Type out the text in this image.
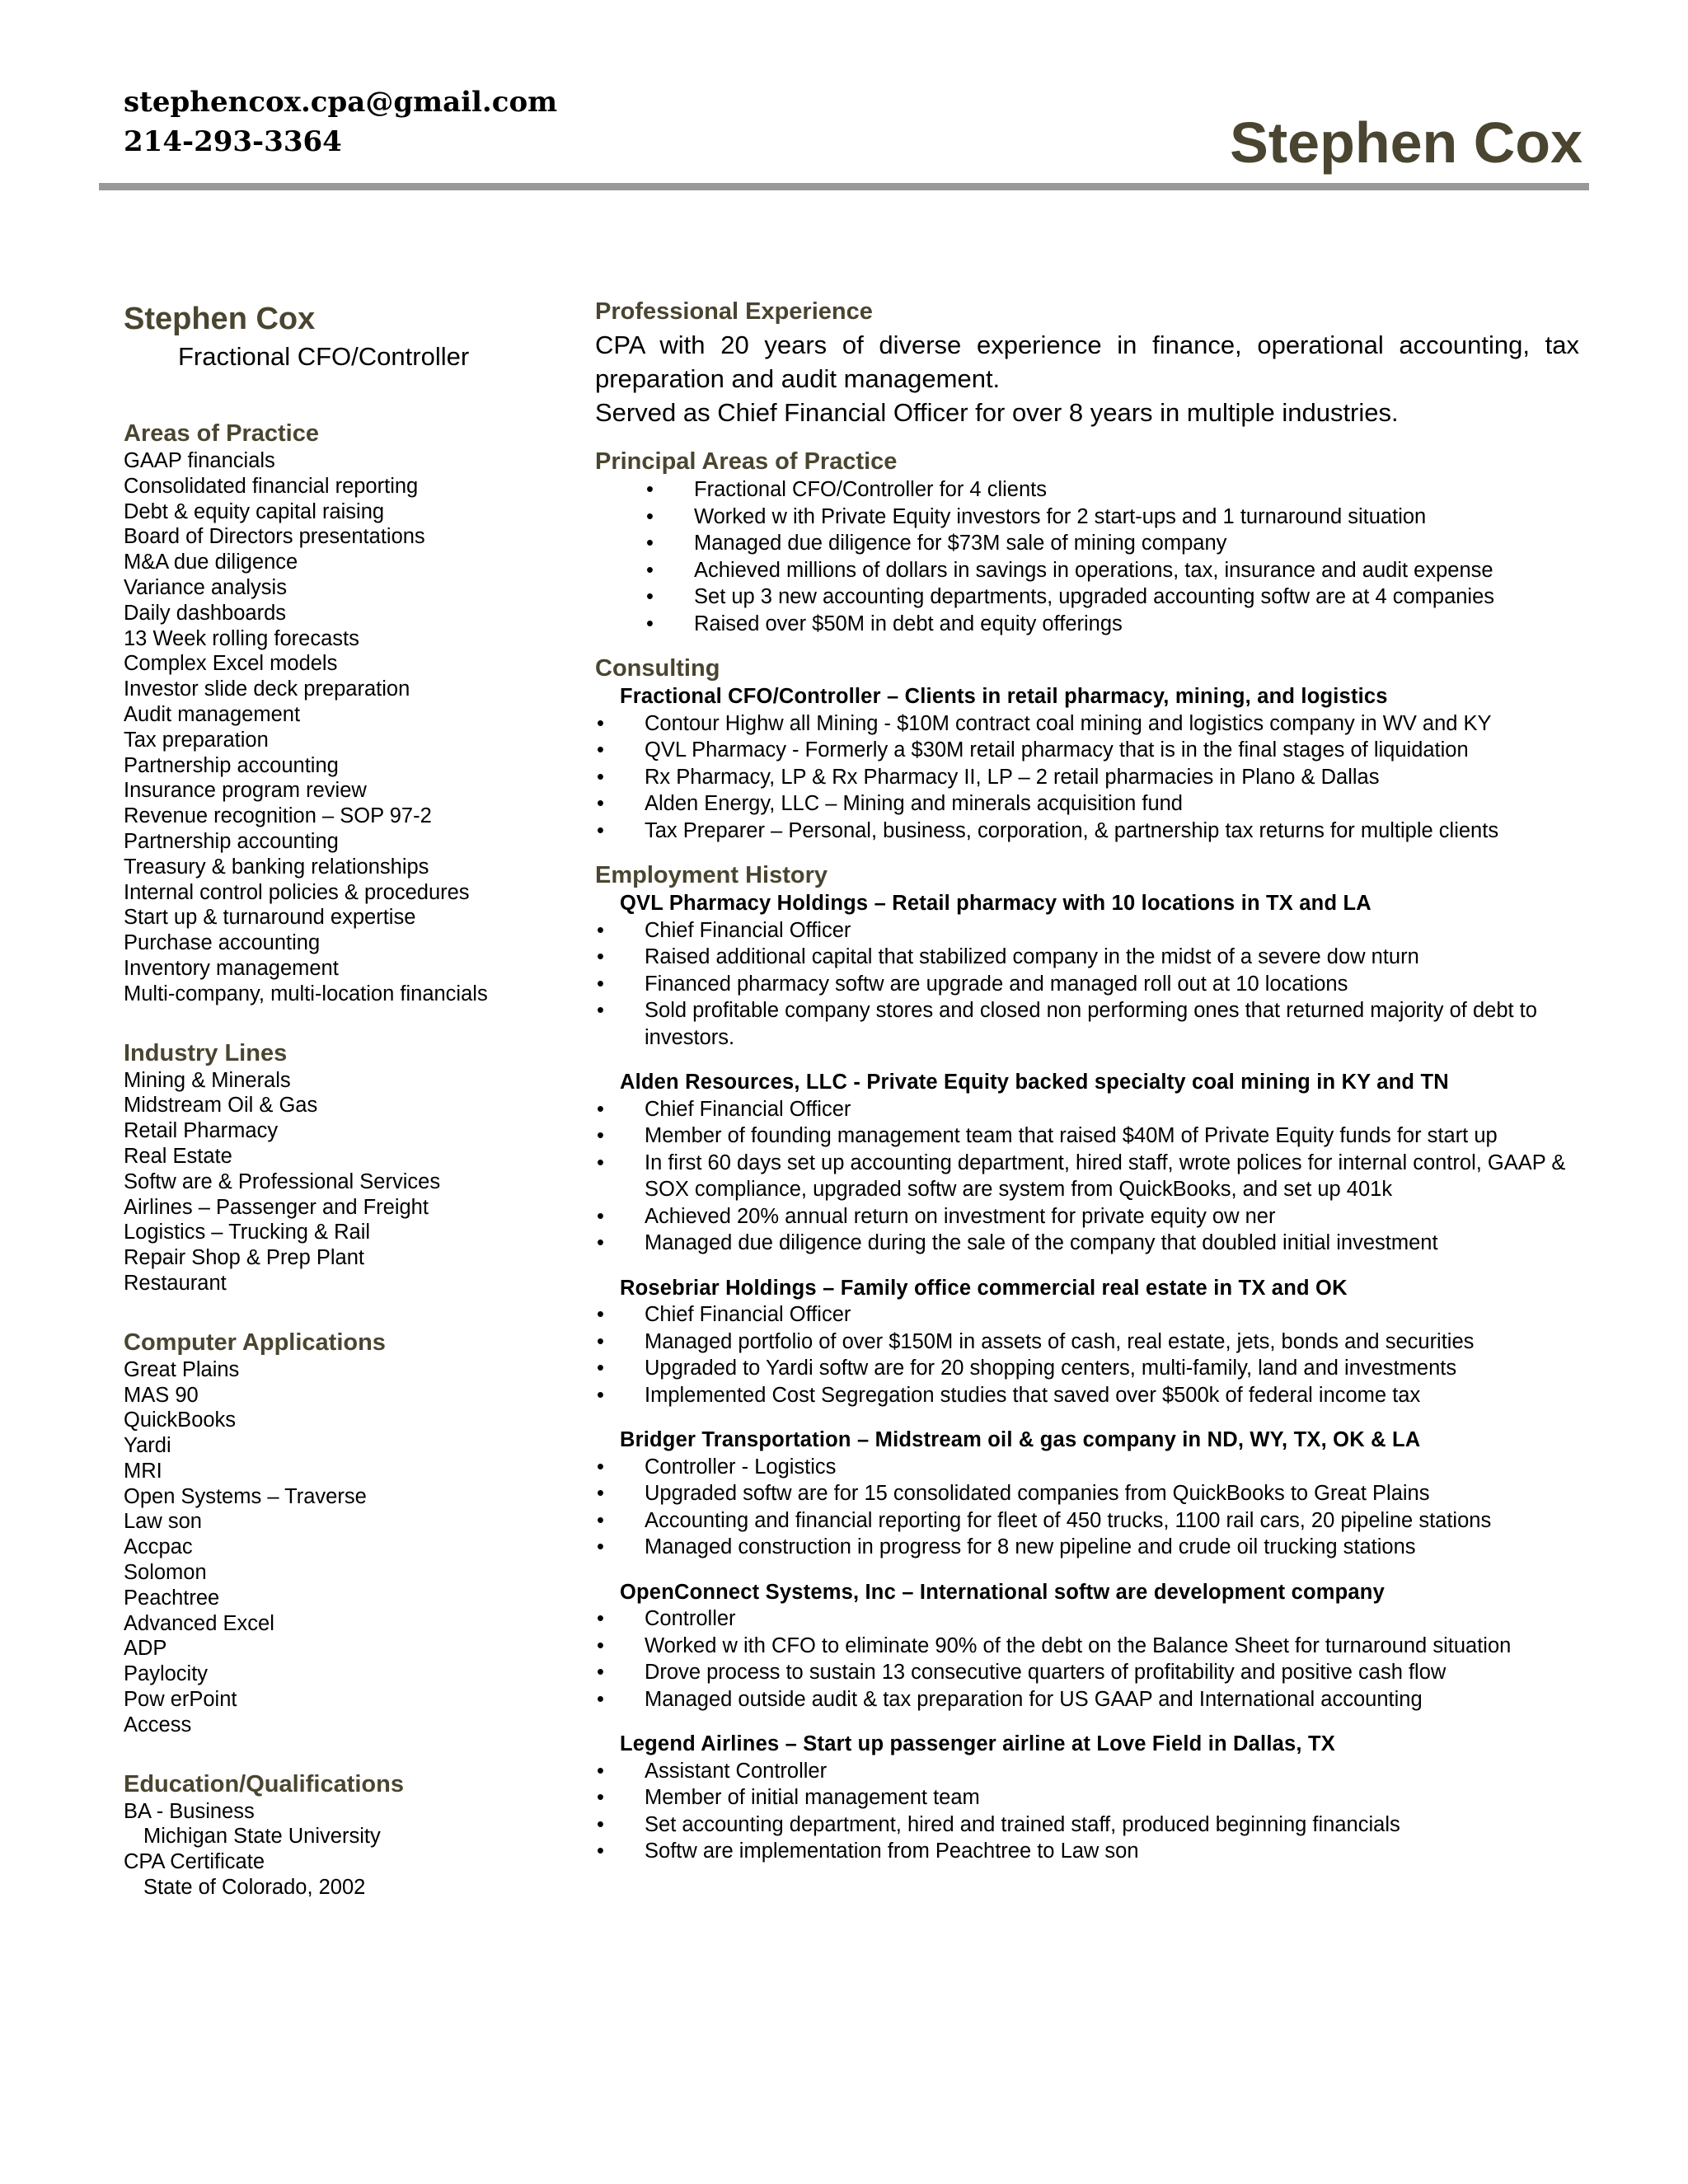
stephencox.cpa@gmail.com
214-293-3364	Stephen Cox
Stephen Cox
Fractional CFO/Controller
Areas of Practice
GAAP financials
Consolidated financial reporting
Debt & equity capital raising
Board of Directors presentations
M&A due diligence
Variance analysis
Daily dashboards
13 Week rolling forecasts
Complex Excel models
Investor slide deck preparation
Audit management
Tax preparation
Partnership accounting
Insurance program review
Revenue recognition – SOP 97-2
Partnership accounting
Treasury & banking relationships
Internal control policies & procedures
Start up & turnaround expertise
Purchase accounting
Inventory management
Multi-company, multi-location financials
Industry Lines
Mining & Minerals
Midstream Oil & Gas
Retail Pharmacy
Real Estate
Softw are & Professional Services
Airlines – Passenger and Freight
Logistics – Trucking & Rail
Repair Shop & Prep Plant
Restaurant
Computer Applications
Great Plains
MAS 90
QuickBooks
Yardi
MRI
Open Systems – Traverse
Law son
Accpac
Solomon
Peachtree
Advanced Excel
ADP
Paylocity
Pow erPoint
Access
Education/Qualifications
BA - Business
Michigan State University
CPA Certificate
State of Colorado, 2002
Professional Experience

CPA with 20 years of diverse experience in finance, operational accounting, tax preparation and audit management.

Served as Chief Financial Officer for over 8 years in multiple industries.

Principal Areas of Practice
• Fractional CFO/Controller for 4 clients
• Worked w ith Private Equity investors for 2 start-ups and 1 turnaround situation
• Managed due diligence for $73M sale of mining company
• Achieved millions of dollars in savings in operations, tax, insurance and audit expense
• Set up 3 new accounting departments, upgraded accounting softw are at 4 companies
• Raised over $50M in debt and equity offerings
Consulting
Fractional CFO/Controller – Clients in retail pharmacy, mining, and logistics
• Contour Highw all Mining - $10M contract coal mining and logistics company in WV and KY
• QVL Pharmacy - Formerly a $30M retail pharmacy that is in the final stages of liquidation
• Rx Pharmacy, LP & Rx Pharmacy II, LP – 2 retail pharmacies in Plano & Dallas
• Alden Energy, LLC – Mining and minerals acquisition fund
• Tax Preparer – Personal, business, corporation, & partnership tax returns for multiple clients
Employment History
QVL Pharmacy Holdings – Retail pharmacy with 10 locations in TX and LA
• Chief Financial Officer
• Raised additional capital that stabilized company in the midst of a severe dow nturn
• Financed pharmacy softw are upgrade and managed roll out at 10 locations
• Sold profitable company stores and closed non performing ones that returned majority of debt to investors.
Alden Resources, LLC - Private Equity backed specialty coal mining in KY and TN
• Chief Financial Officer
• Member of founding management team that raised $40M of Private Equity funds for start up
• In first 60 days set up accounting department, hired staff, wrote polices for internal control, GAAP & SOX compliance, upgraded softw are system from QuickBooks, and set up 401k
• Achieved 20% annual return on investment for private equity ow ner
• Managed due diligence during the sale of the company that doubled initial investment
Rosebriar Holdings – Family office commercial real estate in TX and OK
• Chief Financial Officer
• Managed portfolio of over $150M in assets of cash, real estate, jets, bonds and securities
• Upgraded to Yardi softw are for 20 shopping centers, multi-family, land and investments
• Implemented Cost Segregation studies that saved over $500k of federal income tax
Bridger Transportation – Midstream oil & gas company in ND, WY, TX, OK & LA
• Controller - Logistics
• Upgraded softw are for 15 consolidated companies from QuickBooks to Great Plains
• Accounting and financial reporting for fleet of 450 trucks, 1100 rail cars, 20 pipeline stations
• Managed construction in progress for 8 new pipeline and crude oil trucking stations
OpenConnect Systems, Inc – International softw are development company
• Controller
• Worked w ith CFO to eliminate 90% of the debt on the Balance Sheet for turnaround situation
• Drove process to sustain 13 consecutive quarters of profitability and positive cash flow
• Managed outside audit & tax preparation for US GAAP and International accounting
Legend Airlines – Start up passenger airline at Love Field in Dallas, TX
• Assistant Controller
• Member of initial management team
• Set accounting department, hired and trained staff, produced beginning financials
• Softw are implementation from Peachtree to Law son
